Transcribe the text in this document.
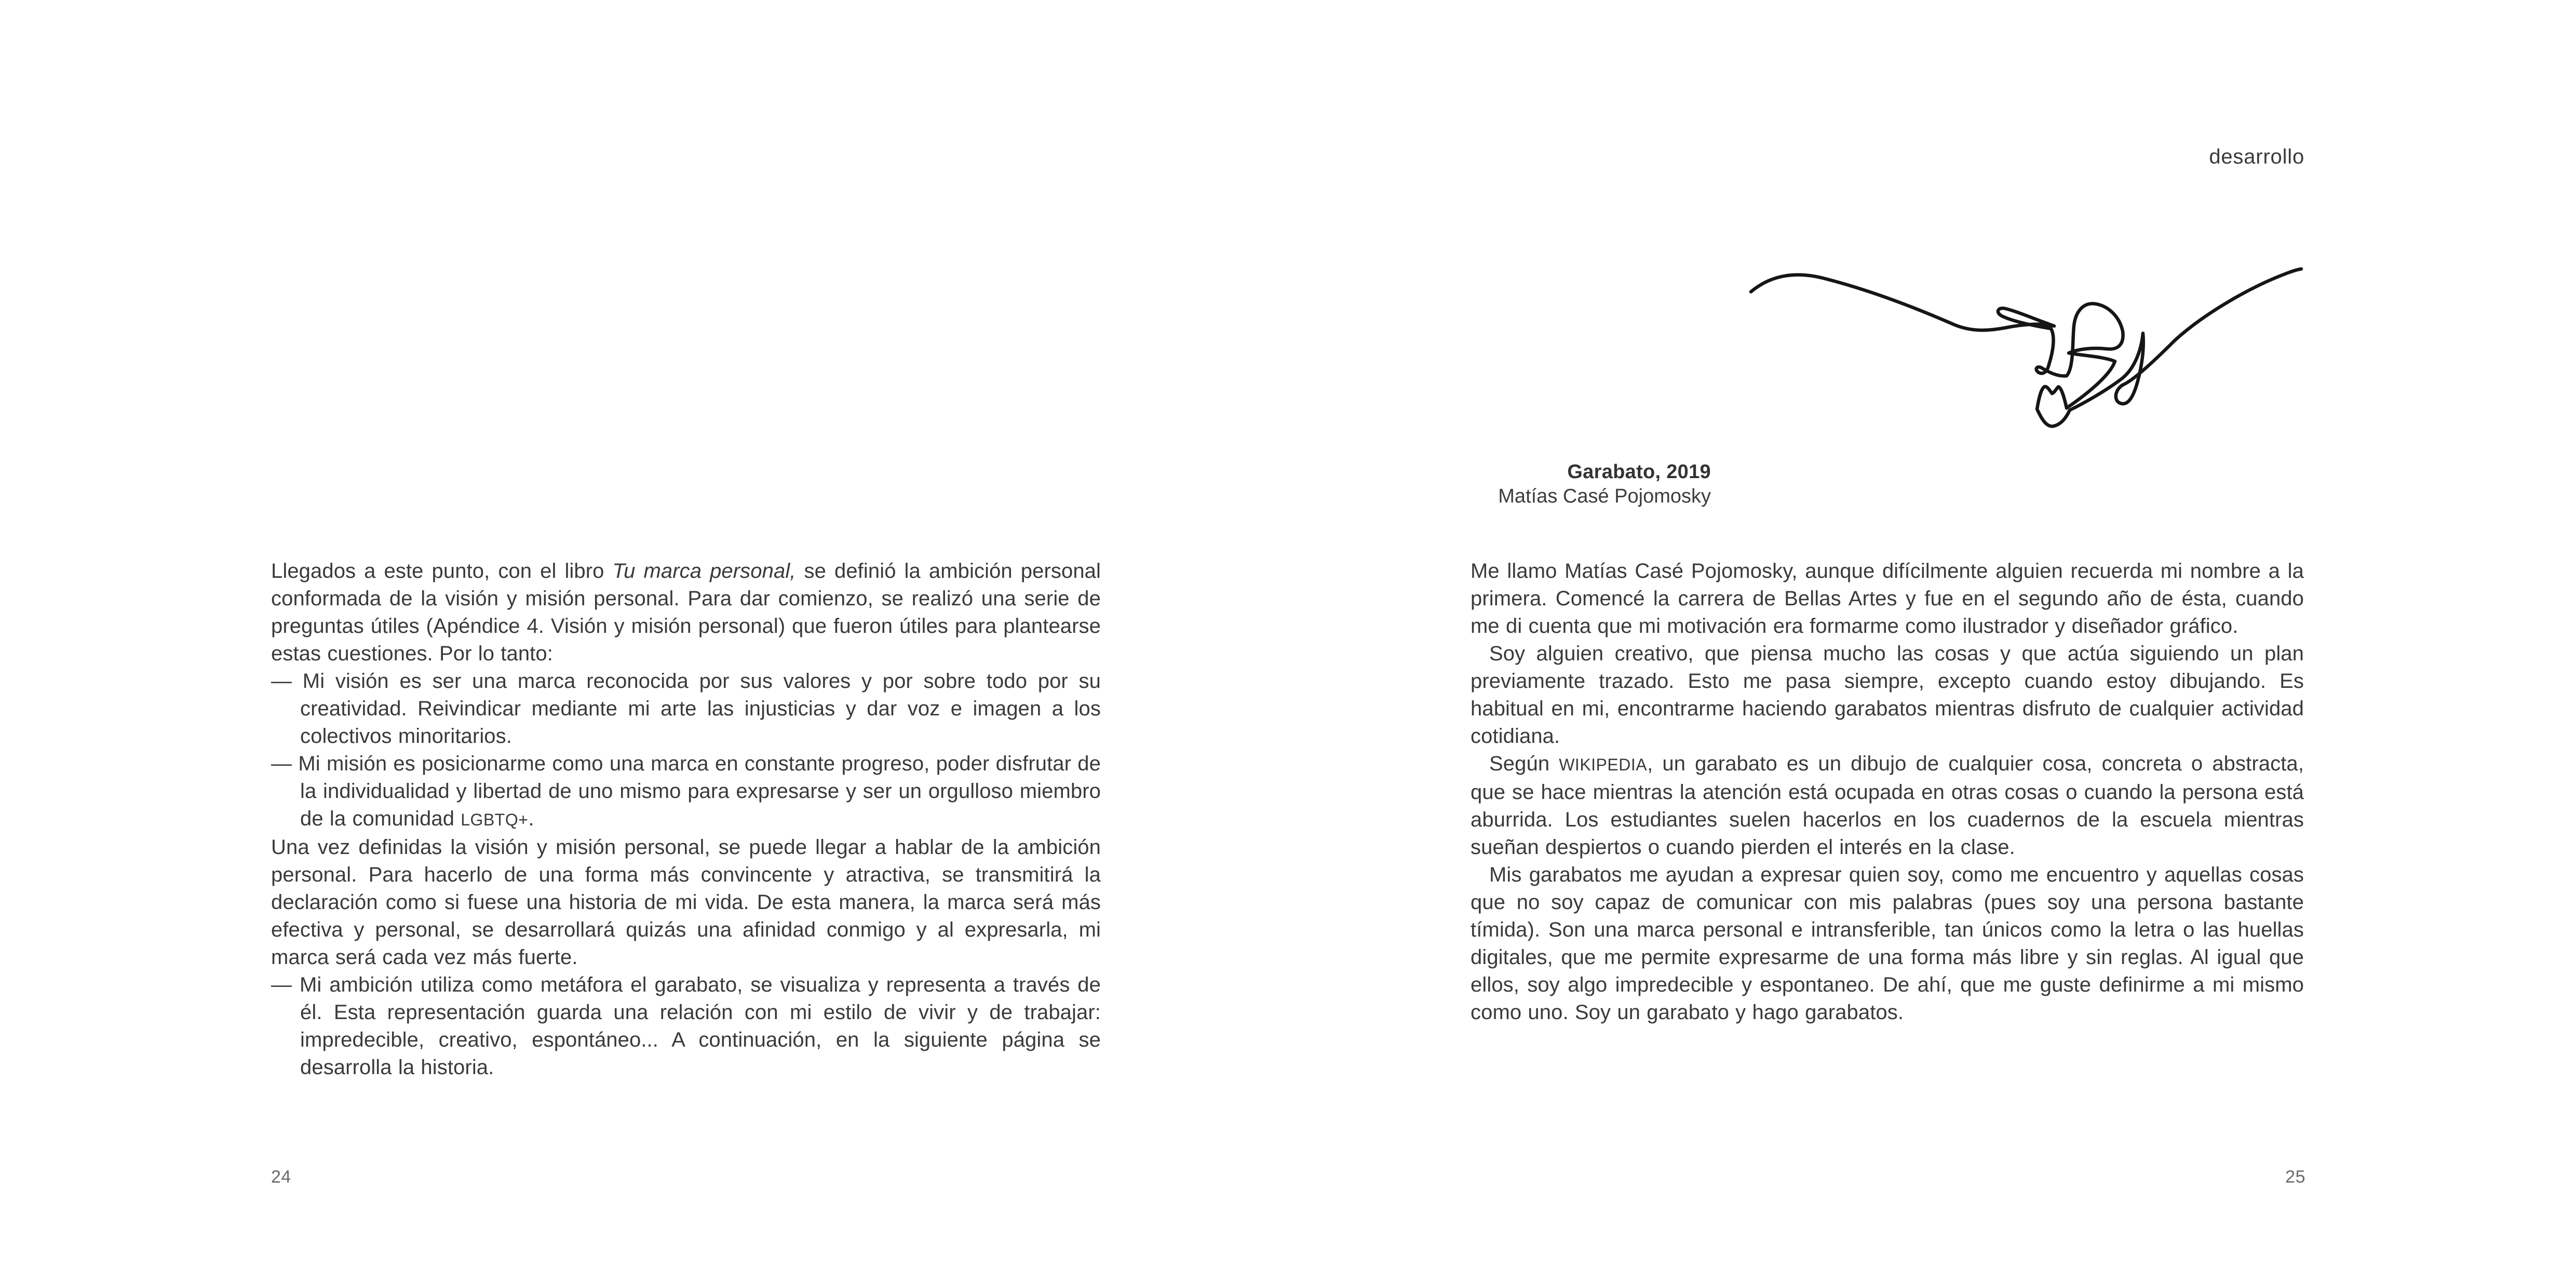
desarrollo
Garabato, 2019
Matías Casé Pojomosky

Llegados a este punto, con el libro Tu marca personal, se definió la ambición personal conformada de la visión y misión personal. Para dar comienzo, se realizó una serie de preguntas útiles (Apéndice 4. Visión y misión personal) que fueron útiles para plantearse estas cuestiones. Por lo tanto:

— Mi visión es ser una marca reconocida por sus valores y por sobre todo por su creatividad. Reivindicar mediante mi arte las injusticias y dar voz e imagen a los colectivos minoritarios.

— Mi misión es posicionarme como una marca en constante progreso, poder disfrutar de la individualidad y libertad de uno mismo para expresarse y ser un orgulloso miembro de la comunidad LGBTQ+.

Una vez definidas la visión y misión personal, se puede llegar a hablar de la ambición personal. Para hacerlo de una forma más convincente y atractiva, se transmitirá la declaración como si fuese una historia de mi vida. De esta manera, la marca será más efectiva y personal, se desarrollará quizás una afinidad conmigo y al expresarla, mi marca será cada vez más fuerte.

— Mi ambición utiliza como metáfora el garabato, se visualiza y representa a través de él. Esta representación guarda una relación con mi estilo de vivir y de trabajar: impredecible, creativo, espontáneo... A continuación, en la siguiente página se desarrolla la historia.

Me llamo Matías Casé Pojomosky, aunque difícilmente alguien recuerda mi nombre a la primera. Comencé la carrera de Bellas Artes y fue en el segundo año de ésta, cuando me di cuenta que mi motivación era formarme como ilustrador y diseñador gráfico.

Soy alguien creativo, que piensa mucho las cosas y que actúa siguiendo un plan previamente trazado. Esto me pasa siempre, excepto cuando estoy dibujando. Es habitual en mi, encontrarme haciendo garabatos mientras disfruto de cualquier actividad cotidiana.

Según WIKIPEDIA, un garabato es un dibujo de cualquier cosa, concreta o abstracta, que se hace mientras la atención está ocupada en otras cosas o cuando la persona está aburrida. Los estudiantes suelen hacerlos en los cuadernos de la escuela mientras sueñan despiertos o cuando pierden el interés en la clase.

Mis garabatos me ayudan a expresar quien soy, como me encuentro y aquellas cosas que no soy capaz de comunicar con mis palabras (pues soy una persona bastante tímida). Son una marca personal e intransferible, tan únicos como la letra o las huellas digitales, que me permite expresarme de una forma más libre y sin reglas. Al igual que ellos, soy algo impredecible y espontaneo. De ahí, que me guste definirme a mi mismo como uno. Soy un garabato y hago garabatos.

24	25
